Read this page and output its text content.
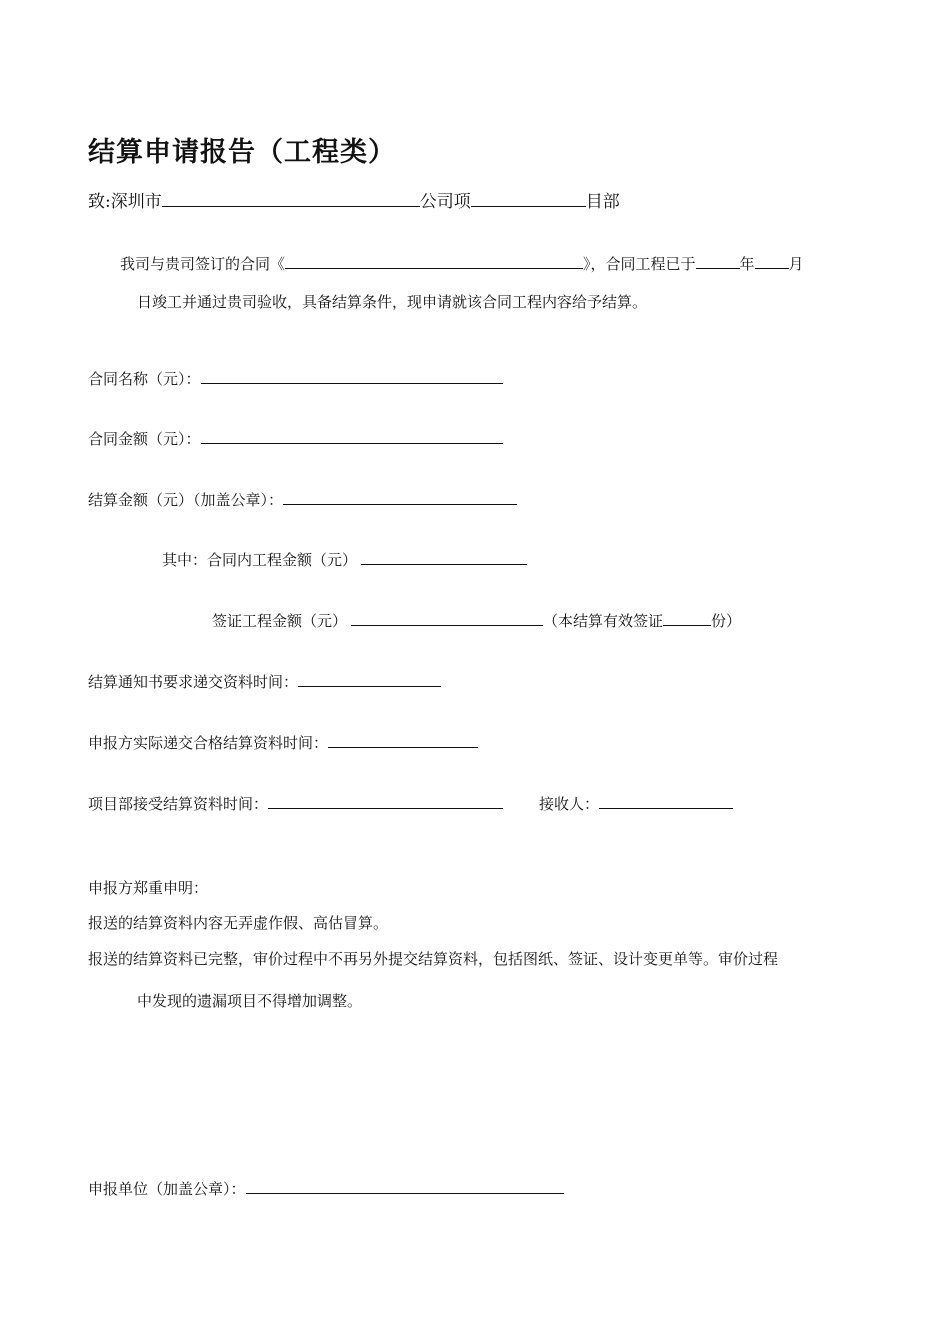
结算申请报告（工程类）
致:深圳市	公司项	目部
我司与贵司签订的合同《	》，合同工程已于	年 月
日竣工并通过贵司验收，具备结算条件，现申请就该合同工程内容给予结算。
合同名称（元）：
合同金额（元）：
结算金额（元）（加盖公章）：
其中：合同内工程金额（元）
签证工程金额（元）	（本结算有效签证	份）
结算通知书要求递交资料时间：
申报方实际递交合格结算资料时间：
项目部接受结算资料时间：	接收人：
申报方郑重申明：
报送的结算资料内容无弄虚作假、高估冒算。
报送的结算资料已完整，审价过程中不再另外提交结算资料，包括图纸、签证、设计变更单等。审价过程
中发现的遗漏项目不得增加调整。
申报单位（加盖公章）：
